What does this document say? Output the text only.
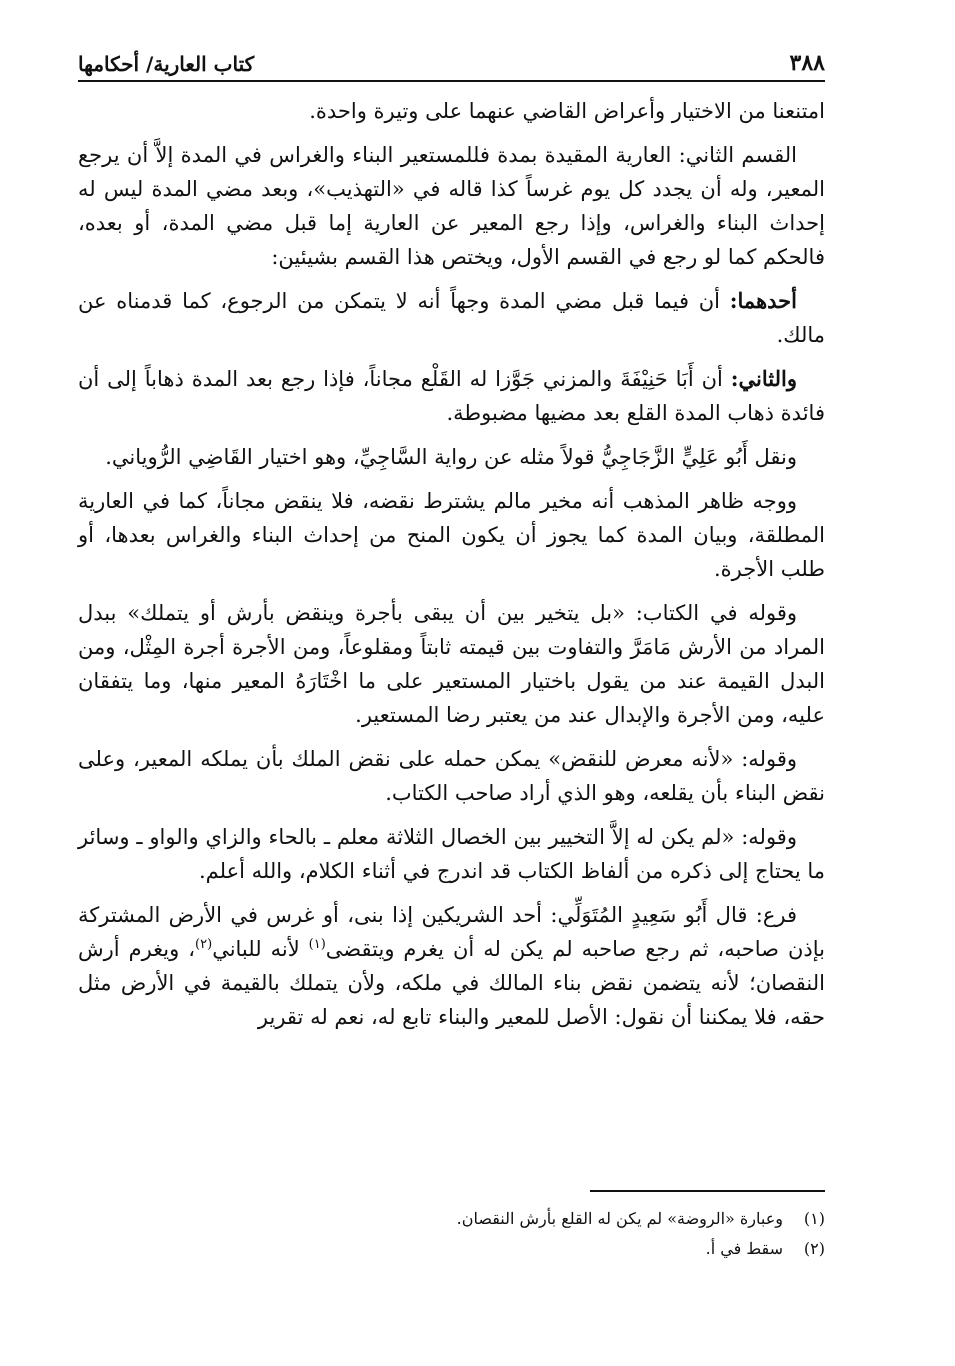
٣٨٨
كتاب العارية/ أحكامها

امتنعنا من الاختيار وأعراض القاضي عنهما على وتيرة واحدة.

القسم الثاني: العارية المقيدة بمدة فللمستعير البناء والغراس في المدة إلاَّ أن يرجع المعير، وله أن يجدد كل يوم غرساً كذا قاله في «التهذيب»، وبعد مضي المدة ليس له إحداث البناء والغراس، وإذا رجع المعير عن العارية إما قبل مضي المدة، أو بعده، فالحكم كما لو رجع في القسم الأول، ويختص هذا القسم بشيئين:

أحدهما: أن فيما قبل مضي المدة وجهاً أنه لا يتمكن من الرجوع، كما قدمناه عن مالك.

والثاني: أن أَبَا حَنِيْفَةَ والمزني جَوَّزا له القَلْع مجاناً، فإذا رجع بعد المدة ذهاباً إلى أن فائدة ذهاب المدة القلع بعد مضيها مضبوطة.

ونقل أَبُو عَلِيٍّ الزَّجَاجِيُّ قولاً مثله عن رواية السَّاجِيِّ، وهو اختيار القَاضِي الرُّوياني.

ووجه ظاهر المذهب أنه مخير مالم يشترط نقضه، فلا ينقض مجاناً، كما في العارية المطلقة، وبيان المدة كما يجوز أن يكون المنح من إحداث البناء والغراس بعدها، أو طلب الأجرة.

وقوله في الكتاب: «بل يتخير بين أن يبقى بأجرة وينقض بأرش أو يتملك» ببدل المراد من الأرش مَامَرَّ والتفاوت بين قيمته ثابتاً ومقلوعاً، ومن الأجرة أجرة المِثْل، ومن البدل القيمة عند من يقول باختيار المستعير على ما اخْتَارَهُ المعير منها، وما يتفقان عليه، ومن الأجرة والإبدال عند من يعتبر رضا المستعير.

وقوله: «لأنه معرض للنقض» يمكن حمله على نقض الملك بأن يملكه المعير، وعلى نقض البناء بأن يقلعه، وهو الذي أراد صاحب الكتاب.

وقوله: «لم يكن له إلاَّ التخيير بين الخصال الثلاثة معلم ـ بالحاء والزاي والواو ـ وسائر ما يحتاج إلى ذكره من ألفاظ الكتاب قد اندرج في أثناء الكلام، والله أعلم.

فرع: قال أَبُو سَعِيدٍ المُتَوَلِّي: أحد الشريكين إذا بنى، أو غرس في الأرض المشتركة بإذن صاحبه، ثم رجع صاحبه لم يكن له أن يغرم ويتقضى$^{(١)}$ لأنه للباني$^{(٢)}$، ويغرم أرش النقصان؛ لأنه يتضمن نقض بناء المالك في ملكه، ولأن يتملك بالقيمة في الأرض مثل حقه، فلا يمكننا أن نقول: الأصل للمعير والبناء تابع له، نعم له تقرير

(١)
وعبارة «الروضة» لم يكن له القلع بأرش النقصان.
(٢)
سقط في أ.
